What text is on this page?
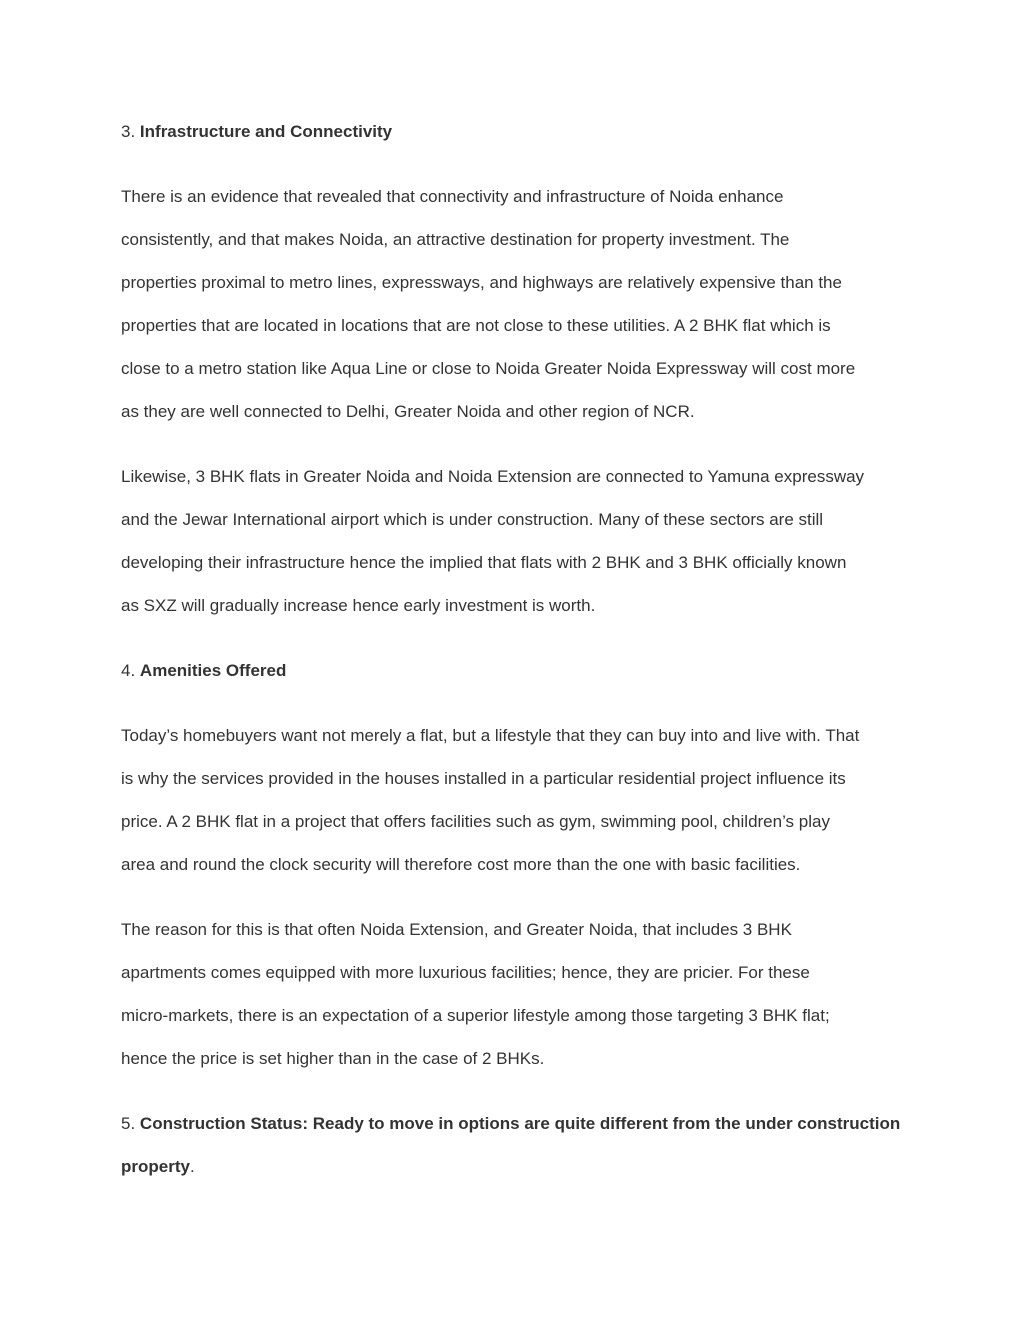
3. Infrastructure and Connectivity
There is an evidence that revealed that connectivity and infrastructure of Noida enhance
consistently, and that makes Noida, an attractive destination for property investment. The
properties proximal to metro lines, expressways, and highways are relatively expensive than the
properties that are located in locations that are not close to these utilities. A 2 BHK flat which is
close to a metro station like Aqua Line or close to Noida Greater Noida Expressway will cost more
as they are well connected to Delhi, Greater Noida and other region of NCR.
Likewise, 3 BHK flats in Greater Noida and Noida Extension are connected to Yamuna expressway
and the Jewar International airport which is under construction. Many of these sectors are still
developing their infrastructure hence the implied that flats with 2 BHK and 3 BHK officially known
as SXZ will gradually increase hence early investment is worth.
4. Amenities Offered
Today’s homebuyers want not merely a flat, but a lifestyle that they can buy into and live with. That
is why the services provided in the houses installed in a particular residential project influence its
price. A 2 BHK flat in a project that offers facilities such as gym, swimming pool, children’s play
area and round the clock security will therefore cost more than the one with basic facilities.
The reason for this is that often Noida Extension, and Greater Noida, that includes 3 BHK
apartments comes equipped with more luxurious facilities; hence, they are pricier. For these
micro-markets, there is an expectation of a superior lifestyle among those targeting 3 BHK flat;
hence the price is set higher than in the case of 2 BHKs.
5. Construction Status: Ready to move in options are quite different from the under construction
property.
